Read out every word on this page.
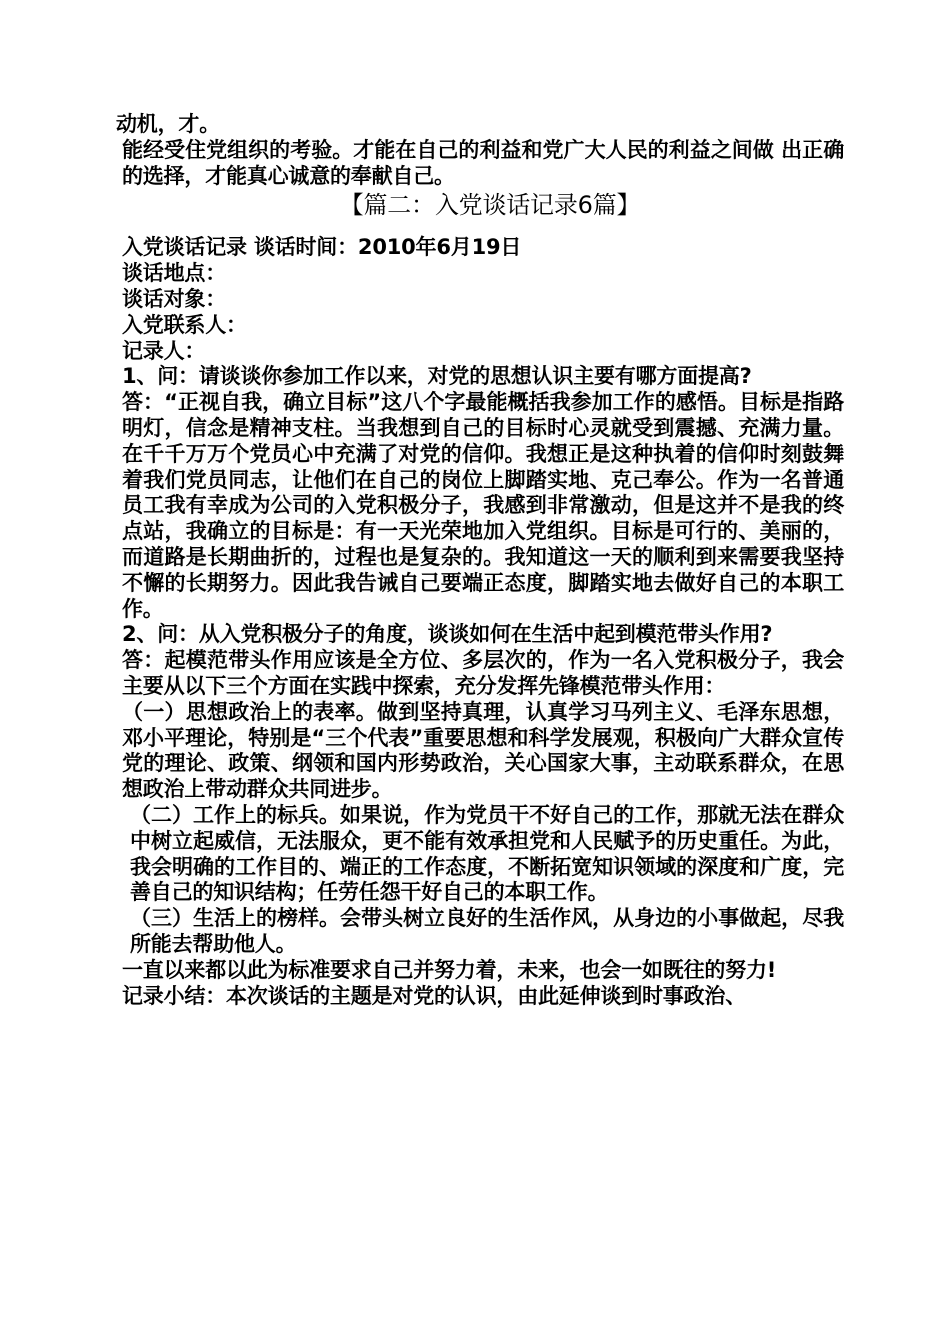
动机，才。

能经受住党组织的考验。才能在自己的利益和党广大人民的利益之间做 出正确的选择，才能真心诚意的奉献自己。

【篇二：入党谈话记录6篇】

入党谈话记录 谈话时间：2010年6月19日

谈话地点：

谈话对象：

入党联系人：

记录人：

1、问：请谈谈你参加工作以来，对党的思想认识主要有哪方面提高?

答：“正视自我，确立目标”这八个字最能概括我参加工作的感悟。目标是指路明灯，信念是精神支柱。当我想到自己的目标时心灵就受到震撼、充满力量。在千千万万个党员心中充满了对党的信仰。我想正是这种执着的信仰时刻鼓舞着我们党员同志，让他们在自己的岗位上脚踏实地、克己奉公。作为一名普通员工我有幸成为公司的入党积极分子，我感到非常激动，但是这并不是我的终点站，我确立的目标是：有一天光荣地加入党组织。目标是可行的、美丽的，而道路是长期曲折的，过程也是复杂的。我知道这一天的顺利到来需要我坚持不懈的长期努力。因此我告诫自己要端正态度，脚踏实地去做好自己的本职工作。

2、问：从入党积极分子的角度，谈谈如何在生活中起到模范带头作用?

答：起模范带头作用应该是全方位、多层次的，作为一名入党积极分子，我会主要从以下三个方面在实践中探索，充分发挥先锋模范带头作用：

（一）思想政治上的表率。做到坚持真理，认真学习马列主义、毛泽东思想，邓小平理论，特别是“三个代表”重要思想和科学发展观，积极向广大群众宣传党的理论、政策、纲领和国内形势政治，关心国家大事，主动联系群众，在思想政治上带动群众共同进步。

（二）工作上的标兵。如果说，作为党员干不好自己的工作，那就无法在群众中树立起威信，无法服众，更不能有效承担党和人民赋予的历史重任。为此，我会明确的工作目的、端正的工作态度，不断拓宽知识领域的深度和广度，完善自己的知识结构；任劳任怨干好自己的本职工作。

（三）生活上的榜样。会带头树立良好的生活作风，从身边的小事做起，尽我所能去帮助他人。

一直以来都以此为标准要求自己并努力着，未来，也会一如既往的努力!

记录小结：本次谈话的主题是对党的认识，由此延伸谈到时事政治、
